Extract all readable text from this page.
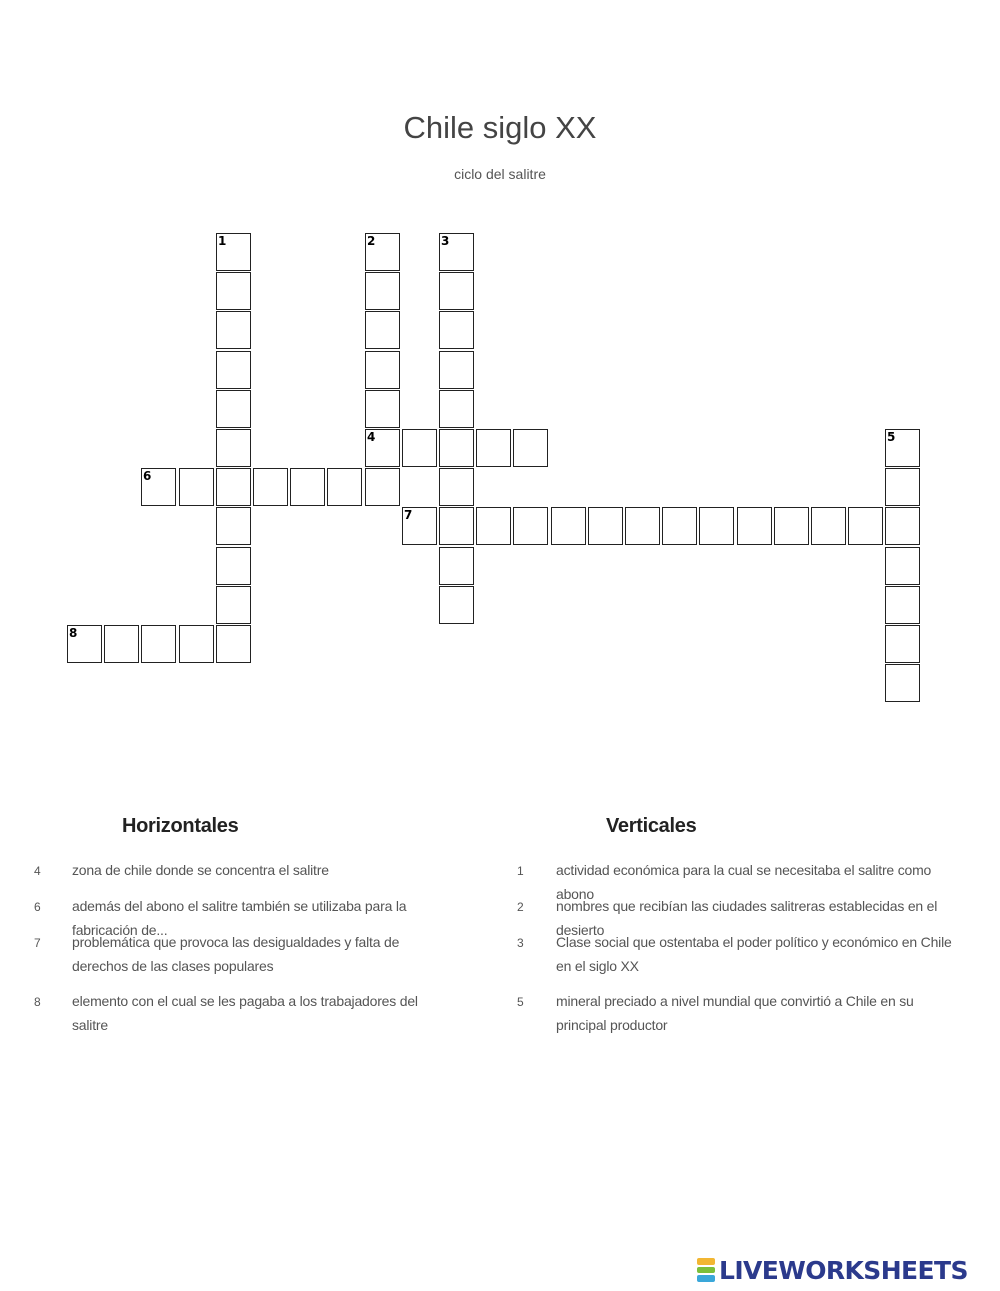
Chile siglo XX
ciclo del salitre
1	2
4
3
5
6
7
8
Horizontales	Verticales
4 zona de chile donde se concentra el salitre
6 además del abono el salitre también se utilizaba para la fabricación de...
7 problemática que provoca las desigualdades y falta de derechos de las clases populares
8 elemento con el cual se les pagaba a los trabajadores del salitre
1 actividad económica para la cual se necesitaba el salitre como abono
2 nombres que recibían las ciudades salitreras establecidas en el desierto
3 Clase social que ostentaba el poder político y económico en Chile en el siglo XX
5 mineral preciado a nivel mundial que convirtió a Chile en su principal productor
LIVEWORKSHEETS
